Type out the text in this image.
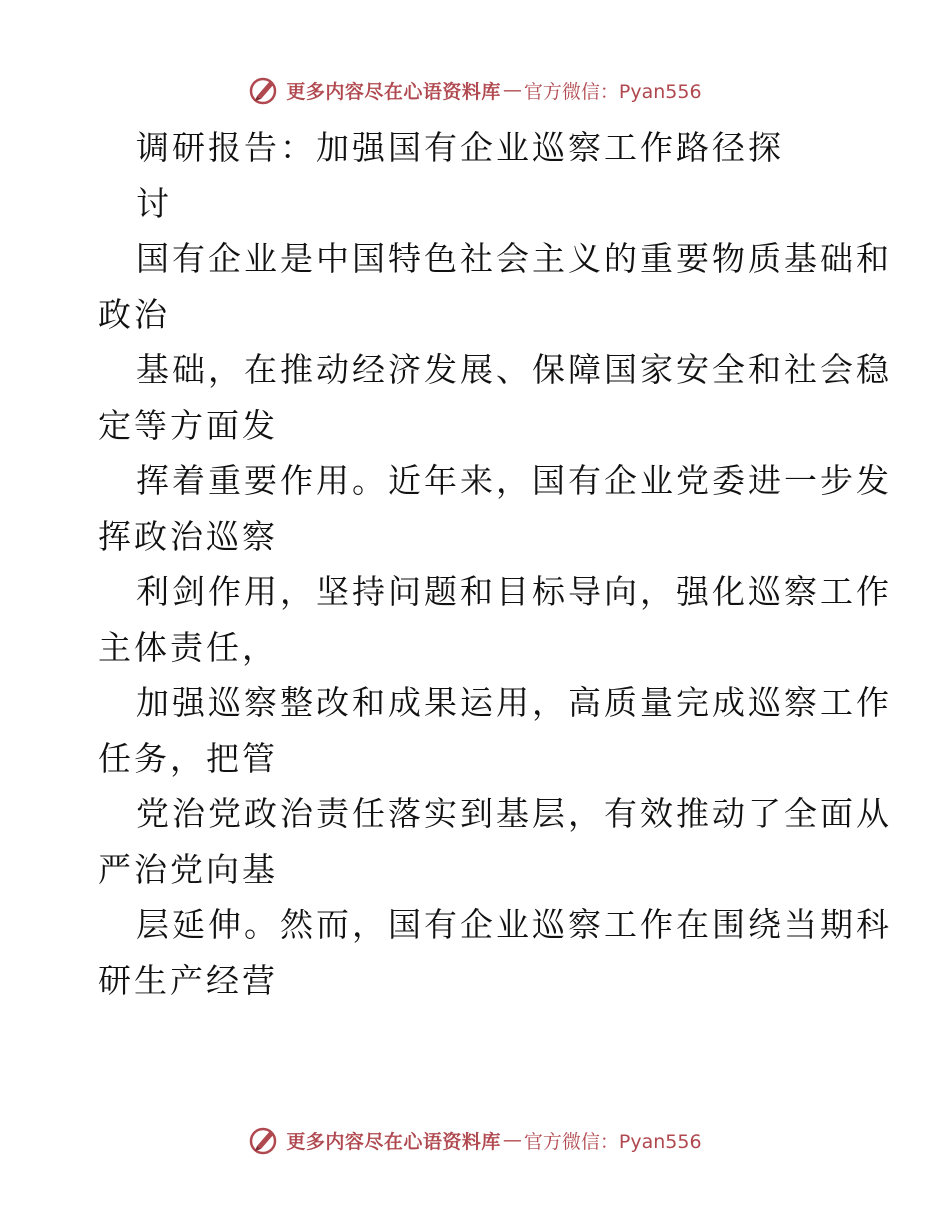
更多内容尽在心语资料库 — 官方微信：Pyan556
调研报告：加强国有企业巡察工作路径探
讨
国有企业是中国特色社会主义的重要物质基础和
政治
基础，在推动经济发展、保障国家安全和社会稳
定等方面发
挥着重要作用。近年来，国有企业党委进一步发
挥政治巡察
利剑作用，坚持问题和目标导向，强化巡察工作
主体责任，
加强巡察整改和成果运用，高质量完成巡察工作
任务，把管
党治党政治责任落实到基层，有效推动了全面从
严治党向基
层延伸。然而，国有企业巡察工作在围绕当期科
研生产经营
更多内容尽在心语资料库 — 官方微信：Pyan556
